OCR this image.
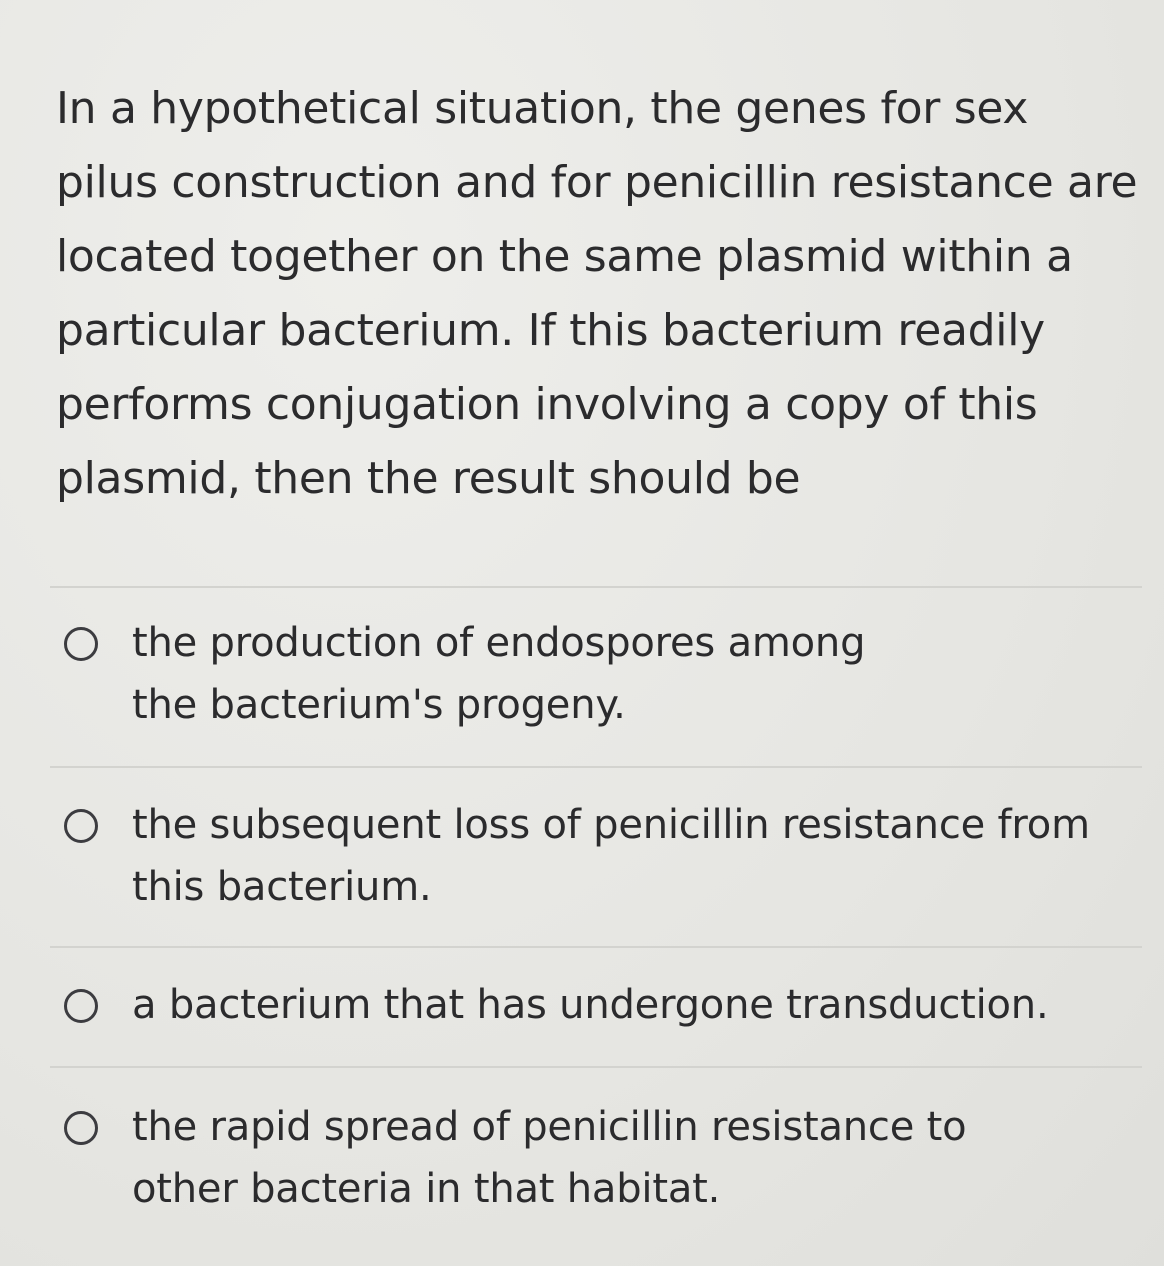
In a hypothetical situation, the genes for sex pilus construction and for penicillin resistance are located together on the same plasmid within a particular bacterium. If this bacterium readily performs conjugation involving a copy of this plasmid, then the result should be

the production of endospores among the bacterium's progeny.
the subsequent loss of penicillin resistance from this bacterium.
a bacterium that has undergone transduction.
the rapid spread of penicillin resistance to other bacteria in that habitat.
